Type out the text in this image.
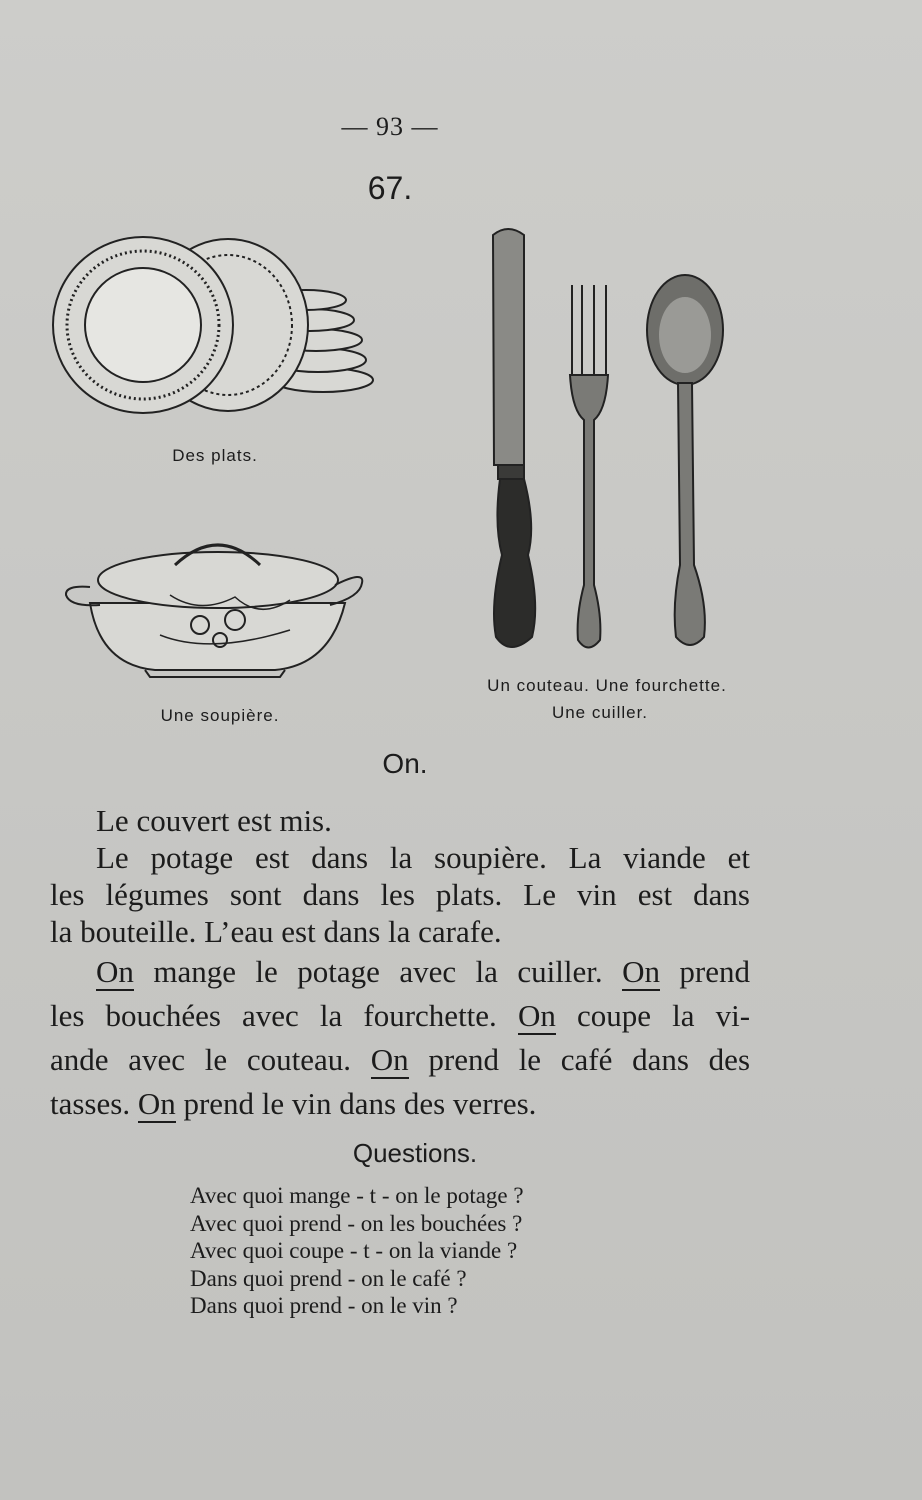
— 93 —
67.
Des plats.
Une soupière.
Un couteau. Une fourchette.
Une cuiller.
On.
Le couvert est mis.
Le potage est dans la soupière. La viande et
les légumes sont dans les plats. Le vin est dans
la bouteille. L’eau est dans la carafe.
On mange le potage avec la cuiller. On prend
les bouchées avec la fourchette. On coupe la vi-
ande avec le couteau. On prend le café dans des
tasses. On prend le vin dans des verres.
Questions.
Avec quoi mange - t - on le potage ?
Avec quoi prend - on les bouchées ?
Avec quoi coupe - t - on la viande ?
Dans quoi prend - on le café ?
Dans quoi prend - on le vin ?
